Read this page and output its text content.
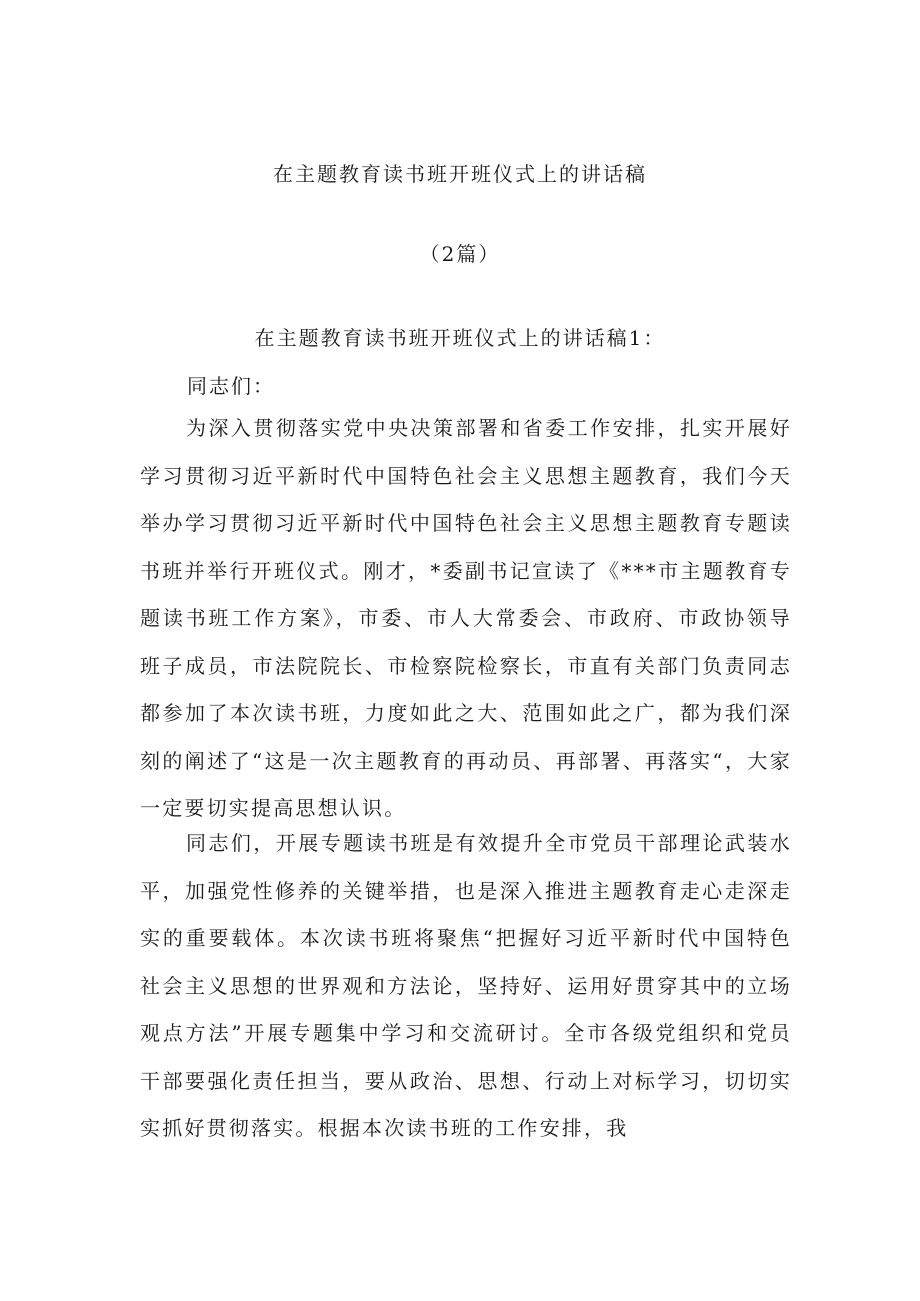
在主题教育读书班开班仪式上的讲话稿
（2篇）
在主题教育读书班开班仪式上的讲话稿1：
同志们：

为深入贯彻落实党中央决策部署和省委工作安排，扎实开展好学习贯彻习近平新时代中国特色社会主义思想主题教育，我们今天举办学习贯彻习近平新时代中国特色社会主义思想主题教育专题读书班并举行开班仪式。刚才，*委副书记宣读了《***市主题教育专题读书班工作方案》，市委、市人大常委会、市政府、市政协领导班子成员，市法院院长、市检察院检察长，市直有关部门负责同志都参加了本次读书班，力度如此之大、范围如此之广，都为我们深刻的阐述了“这是一次主题教育的再动员、再部署、再落实“，大家一定要切实提高思想认识。

同志们，开展专题读书班是有效提升全市党员干部理论武装水平，加强党性修养的关键举措，也是深入推进主题教育走心走深走实的重要载体。本次读书班将聚焦“把握好习近平新时代中国特色社会主义思想的世界观和方法论，坚持好、运用好贯穿其中的立场观点方法”开展专题集中学习和交流研讨。全市各级党组织和党员干部要强化责任担当，要从政治、思想、行动上对标学习，切切实实抓好贯彻落实。根据本次读书班的工作安排，我
